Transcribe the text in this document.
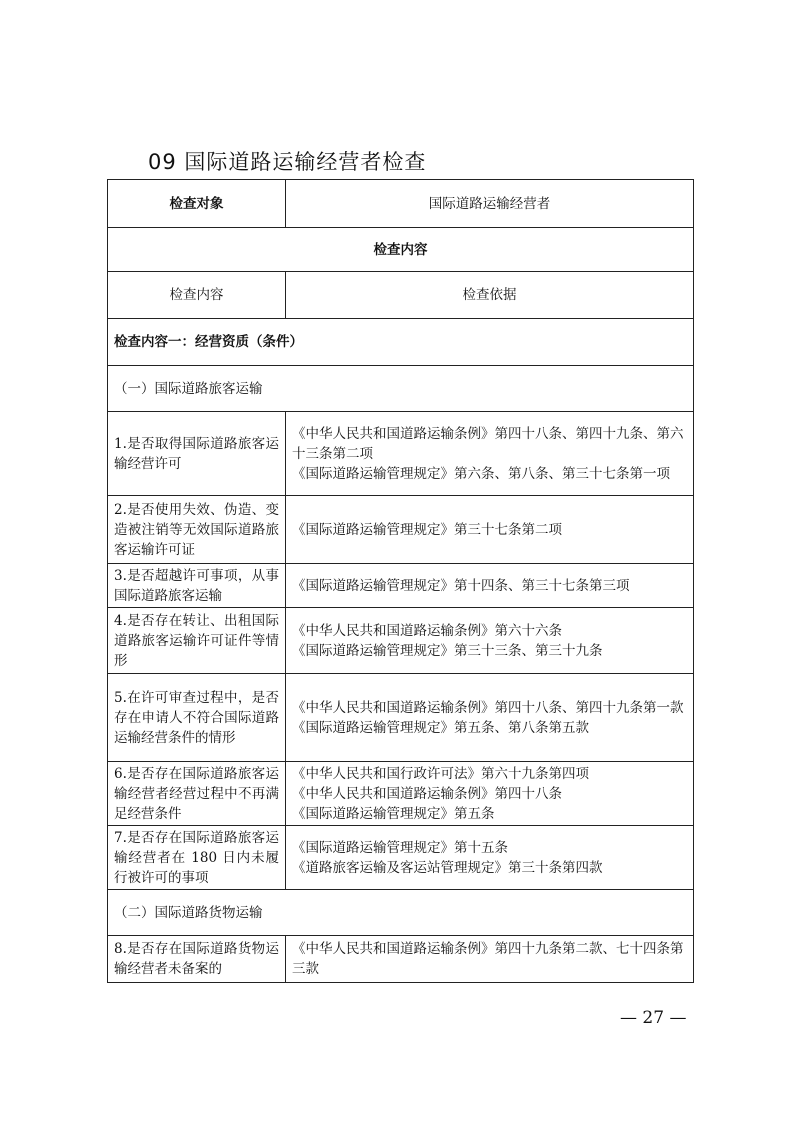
09 国际道路运输经营者检查
检查对象	国际道路运输经营者
检查内容	
检查内容	检查依据
检查内容一：经营资质（条件）	
（一）国际道路旅客运输	
1.是否取得国际道路旅客运输经营许可	《中华人民共和国道路运输条例》第四十八条、第四十九条、第六十三条第二项
《国际道路运输管理规定》第六条、第八条、第三十七条第一项

2.是否使用失效、伪造、变造被注销等无效国际道路旅客运输许可证	《国际道路运输管理规定》第三十七条第二项

3.是否超越许可事项，从事国际道路旅客运输	《国际道路运输管理规定》第十四条、第三十七条第三项

4.是否存在转让、出租国际道路旅客运输许可证件等情形	《中华人民共和国道路运输条例》第六十六条
《国际道路运输管理规定》第三十三条、第三十九条

5.在许可审查过程中，是否存在申请人不符合国际道路运输经营条件的情形	《中华人民共和国道路运输条例》第四十八条、第四十九条第一款
《国际道路运输管理规定》第五条、第八条第五款

6.是否存在国际道路旅客运输经营者经营过程中不再满足经营条件	《中华人民共和国行政许可法》第六十九条第四项
《中华人民共和国道路运输条例》第四十八条
《国际道路运输管理规定》第五条

7.是否存在国际道路旅客运输经营者在 180 日内未履行被许可的事项	《国际道路运输管理规定》第十五条
《道路旅客运输及客运站管理规定》第三十条第四款

（二）国际道路货物运输	
8.是否存在国际道路货物运输经营者未备案的	《中华人民共和国道路运输条例》第四十九条第二款、七十四条第三款
— 27 —
